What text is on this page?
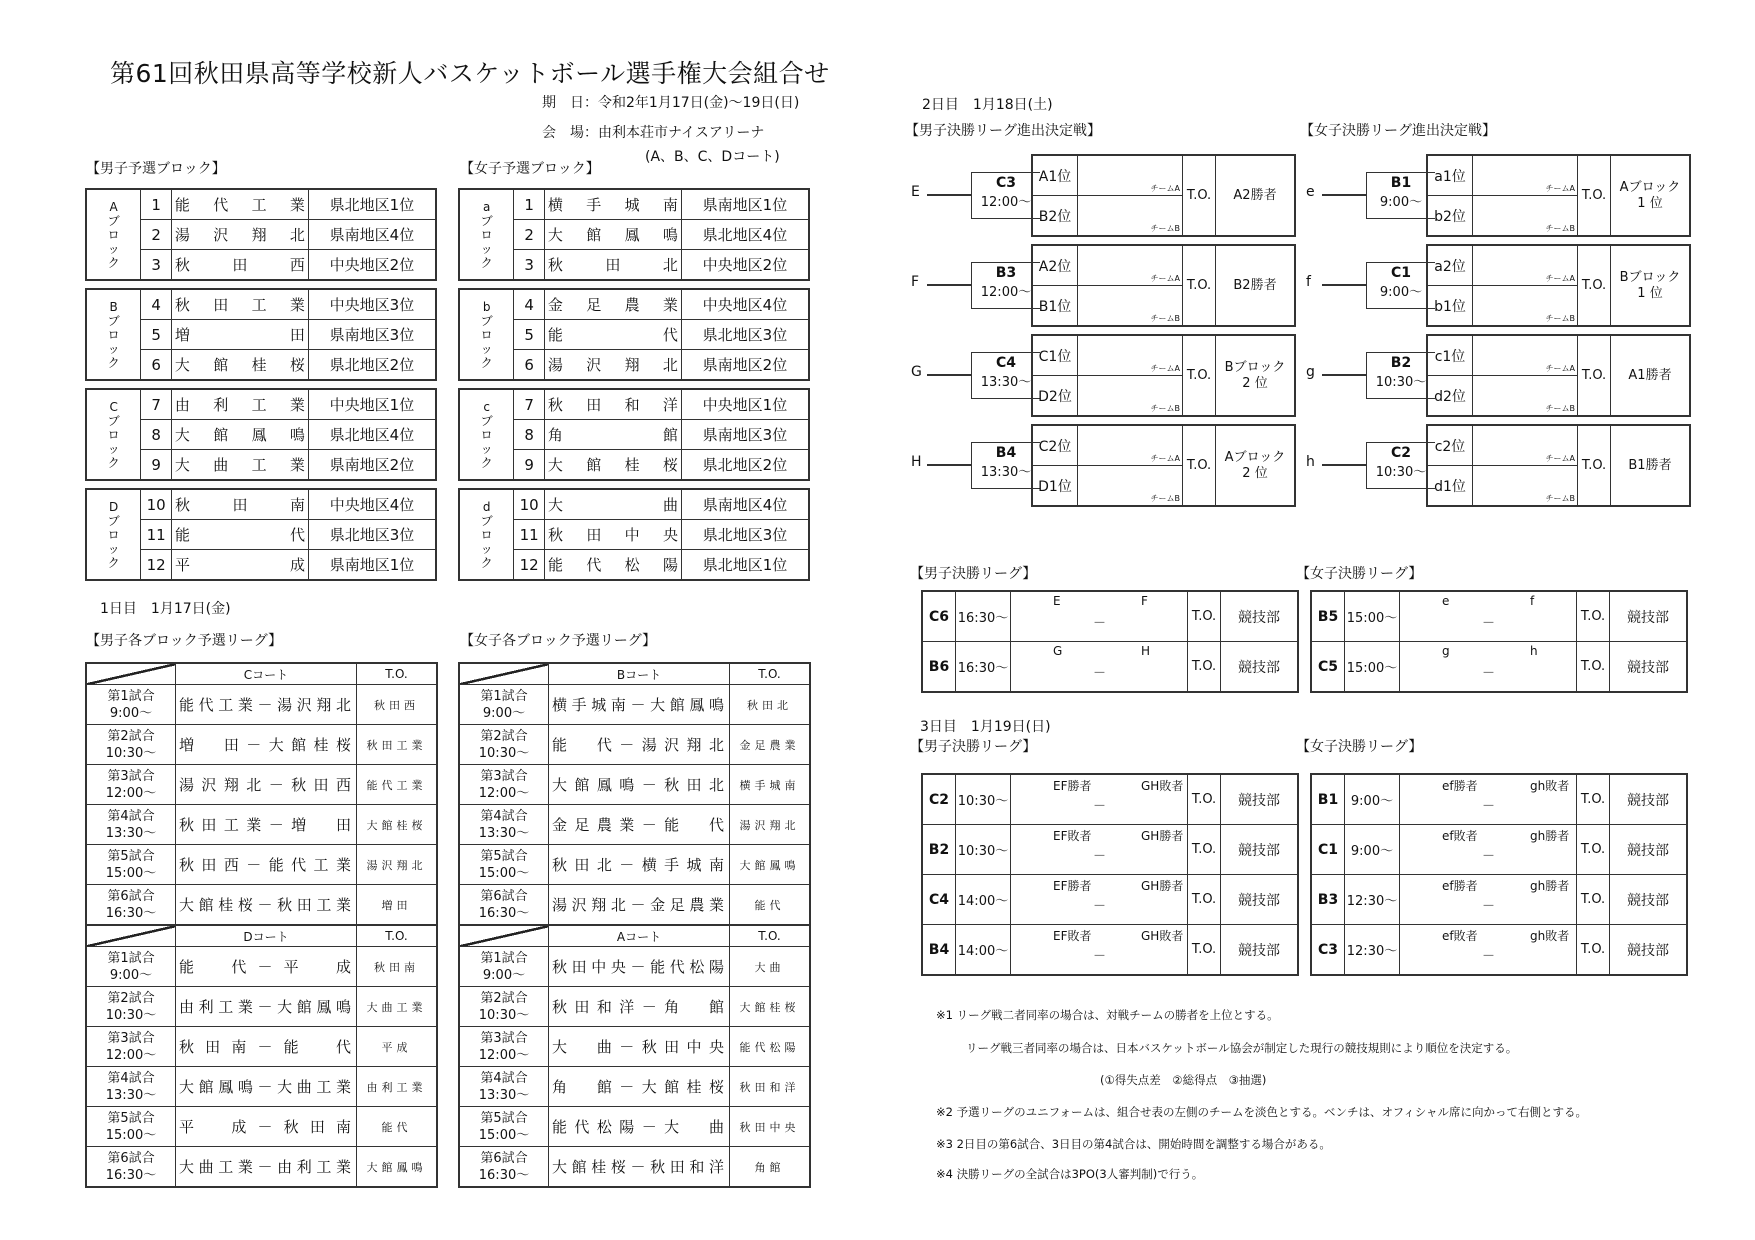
第61回秋田県高等学校新人バスケットボール選手権大会組合せ
期　日：令和2年1月17日(金)～19日(日)
会　場：由利本荘市ナイスアリーナ
(A、B、C、Dコート)
【男子予選ブロック】	【女子予選ブロック】
A
ブ
ロ
ッ
ク	1	能代工業	県北地区1位
	2	湯沢翔北	県南地区4位
	3	秋田西	中央地区2位
B
ブ
ロ
ッ
ク	4	秋田工業	中央地区3位
	5	増田	県南地区3位
	6	大館桂桜	県北地区2位
C
ブ
ロ
ッ
ク	7	由利工業	中央地区1位
	8	大館鳳鳴	県北地区4位
	9	大曲工業	県南地区2位
D
ブ
ロ
ッ
ク	10	秋田南	中央地区4位
	11	能代	県北地区3位
	12	平成	県南地区1位
a
ブ
ロ
ッ
ク	1	横手城南	県南地区1位
	2	大館鳳鳴	県北地区4位
	3	秋田北	中央地区2位
b
ブ
ロ
ッ
ク	4	金足農業	中央地区4位
	5	能代	県北地区3位
	6	湯沢翔北	県南地区2位
c
ブ
ロ
ッ
ク	7	秋田和洋	中央地区1位
	8	角館	県南地区3位
	9	大館桂桜	県北地区2位
d
ブ
ロ
ッ
ク	10	大曲	県南地区4位
	11	秋田中央	県北地区3位
	12	能代松陽	県北地区1位
1日目　1月17日(金)
【男子各ブロック予選リーグ】	【女子各ブロック予選リーグ】
	Cコート	T.O.

第1試合
9:00～	能代工業－湯沢翔北	秋田西

第2試合
10:30～	増　田－大館桂桜	秋田工業

第3試合
12:00～	湯沢翔北－秋田西	能代工業

第4試合
13:30～	秋田工業－増　田	大館桂桜

第5試合
15:00～	秋田西－能代工業	湯沢翔北

第6試合
16:30～	大館桂桜－秋田工業	増田
	Bコート	T.O.

第1試合
9:00～	横手城南－大館鳳鳴	秋田北

第2試合
10:30～	能　代－湯沢翔北	金足農業

第3試合
12:00～	大館鳳鳴－秋田北	横手城南

第4試合
13:30～	金足農業－能　代	湯沢翔北

第5試合
15:00～	秋田北－横手城南	大館鳳鳴

第6試合
16:30～	湯沢翔北－金足農業	能代
	Dコート	T.O.

第1試合
9:00～	能　代－平　成	秋田南

第2試合
10:30～	由利工業－大館鳳鳴	大曲工業

第3試合
12:00～	秋田南－能　代	平成

第4試合
13:30～	大館鳳鳴－大曲工業	由利工業

第5試合
15:00～	平　成－秋田南	能代

第6試合
16:30～	大曲工業－由利工業	大館鳳鳴
	Aコート	T.O.

第1試合
9:00～	秋田中央－能代松陽	大曲

第2試合
10:30～	秋田和洋－角　館	大館桂桜

第3試合
12:00～	大　曲－秋田中央	能代松陽

第4試合
13:30～	角　館－大館桂桜	秋田和洋

第5試合
15:00～	能代松陽－大　曲	秋田中央

第6試合
16:30～	大館桂桜－秋田和洋	角館
2日目　1月18日(土)
【男子決勝リーグ進出決定戦】	【女子決勝リーグ進出決定戦】
E
C3
12:00～
A1位	チームA	T.O.	A2勝者
B2位	チームB		
F
B3
12:00～
A2位	チームA	T.O.	B2勝者
B1位	チームB		
G
C4
13:30～
C1位	チームA	T.O.	Bブロック
2 位

D2位	チームB		
H
B4
13:30～
C2位	チームA	T.O.	Aブロック
2 位

D1位	チームB		
e
B1
9:00～
a1位	チームA	T.O.	Aブロック
1 位

b2位	チームB		
f
C1
9:00～
a2位	チームA	T.O.	Bブロック
1 位

b1位	チームB		
g
B2
10:30～
c1位	チームA	T.O.	A1勝者
d2位	チームB		
h
C2
10:30～
c2位	チームA	T.O.	B1勝者
d1位	チームB		
【男子決勝リーグ】	【女子決勝リーグ】
3日目　1月19日(日)
【男子決勝リーグ】	【女子決勝リーグ】
C6	16:30～	E F
－	T.O.	競技部
B6	16:30～	G H
－	T.O.	競技部
B5	15:00～	e f
－	T.O.	競技部
C5	15:00～	g h
－	T.O.	競技部
C2	10:30～	EF勝者 GH敗者
－	T.O.	競技部
B2	10:30～	EF敗者 GH勝者
－	T.O.	競技部
C4	14:00～	EF勝者 GH勝者
－	T.O.	競技部
B4	14:00～	EF敗者 GH敗者
－	T.O.	競技部
B1	9:00～	ef勝者 gh敗者
－	T.O.	競技部
C1	9:00～	ef敗者 gh勝者
－	T.O.	競技部
B3	12:30～	ef勝者 gh勝者
－	T.O.	競技部
C3	12:30～	ef敗者 gh敗者
－	T.O.	競技部
※1 リーグ戦二者同率の場合は、対戦チームの勝者を上位とする。
リーグ戦三者同率の場合は、日本バスケットボール協会が制定した現行の競技規則により順位を決定する。
(①得失点差　②総得点　③抽選)
※2 予選リーグのユニフォームは、組合せ表の左側のチームを淡色とする。ベンチは、オフィシャル席に向かって右側とする。
※3 2日目の第6試合、3日目の第4試合は、開始時間を調整する場合がある。
※4 決勝リーグの全試合は3PO(3人審判制)で行う。
